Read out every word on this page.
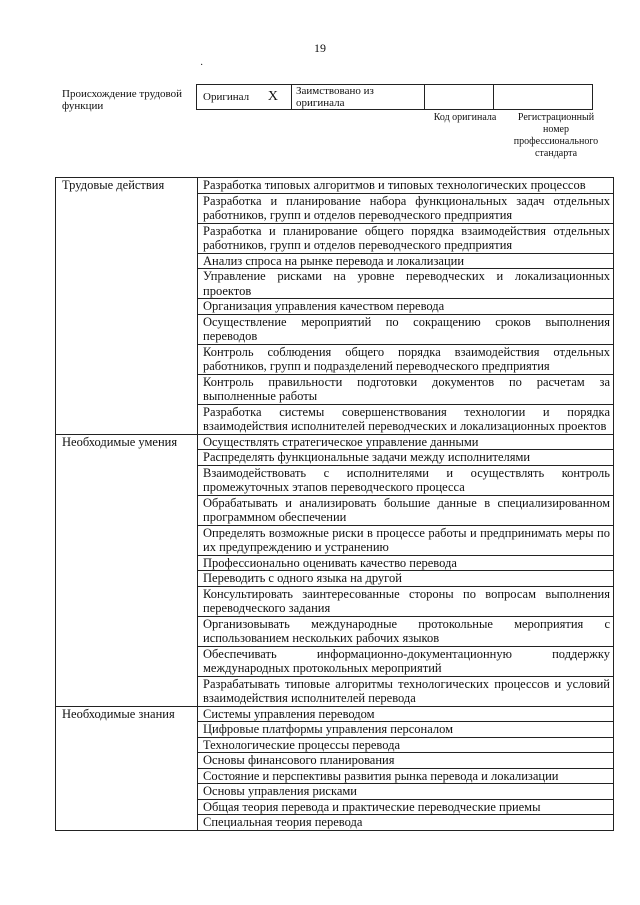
19
·
Происхождение трудовой функции
Оригинал X	Заимствовано из оригинала		
Код оригинала	Регистрационный номер профессионального стандарта
Трудовые действия	Разработка типовых алгоритмов и типовых технологических процессов
	Разработка и планирование набора функциональных задач отдельных работников, групп и отделов переводческого предприятия
	Разработка и планирование общего порядка взаимодействия отдельных работников, групп и отделов переводческого предприятия
	Анализ спроса на рынке перевода и локализации
	Управление рисками на уровне переводческих и локализационных проектов
	Организация управления качеством перевода
	Осуществление мероприятий по сокращению сроков выполнения переводов
	Контроль соблюдения общего порядка взаимодействия отдельных работников, групп и подразделений переводческого предприятия
	Контроль правильности подготовки документов по расчетам за выполненные работы
	Разработка системы совершенствования технологии и порядка взаимодействия исполнителей переводческих и локализационных проектов
Необходимые умения	Осуществлять стратегическое управление данными
	Распределять функциональные задачи между исполнителями
	Взаимодействовать с исполнителями и осуществлять контроль промежуточных этапов переводческого процесса
	Обрабатывать и анализировать большие данные в специализированном программном обеспечении
	Определять возможные риски в процессе работы и предпринимать меры по их предупреждению и устранению
	Профессионально оценивать качество перевода
	Переводить с одного языка на другой
	Консультировать заинтересованные стороны по вопросам выполнения переводческого задания
	Организовывать международные протокольные мероприятия с использованием нескольких рабочих языков
	Обеспечивать информационно-документационную поддержку международных протокольных мероприятий
	Разрабатывать типовые алгоритмы технологических процессов и условий взаимодействия исполнителей перевода
Необходимые знания	Системы управления переводом
	Цифровые платформы управления персоналом
	Технологические процессы перевода
	Основы финансового планирования
	Состояние и перспективы развития рынка перевода и локализации
	Основы управления рисками
	Общая теория перевода и практические переводческие приемы
	Специальная теория перевода
